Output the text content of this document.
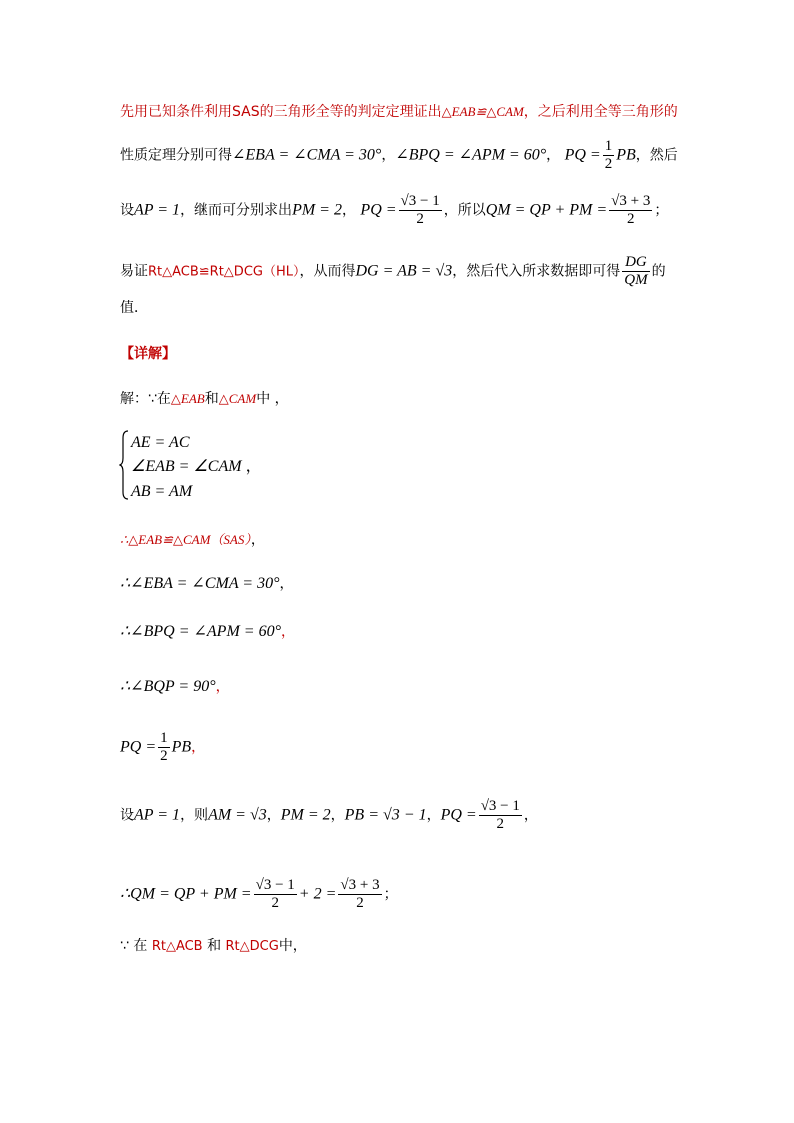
先用已知条件利用SAS的三角形全等的判定定理证出△EAB≌△CAM，之后利用全等三角形的
性质定理分别可得∠EBA = ∠CMA = 30°，∠BPQ = ∠APM = 60°， PQ = $\frac{1}{2}$ PB，然后
设AP = 1，继而可分别求出PM = 2， PQ = $\frac{√3 - 1}{2}$ ，所以QM = QP + PM = $\frac{√3 + 3}{2}$ ；
易证Rt△ACB≌Rt△DCG（HL），从而得DG = AB = √3，然后代入所求数据即可得 $\frac{DG}{QM}$ 的
值．
【详解】
解：∵在△EAB和△CAM中 ，
AE = AC
∠EAB = ∠CAM ，
AB = AM
∴△EAB≌△CAM（SAS），
∴∠EBA = ∠CMA = 30°，
∴∠BPQ = ∠APM = 60°，
∴∠BQP = 90°，
PQ = $\frac{1}{2}$ PB，
设AP = 1，则AM = √3，PM = 2，PB = √3 − 1，PQ = $\frac{√3 - 1}{2}$ ，
∴QM = QP + PM = $\frac{√3 - 1}{2} + 2 = \frac{√3 + 3}{2}$ ；
∵ 在 Rt△ACB 和 Rt△DCG中，
